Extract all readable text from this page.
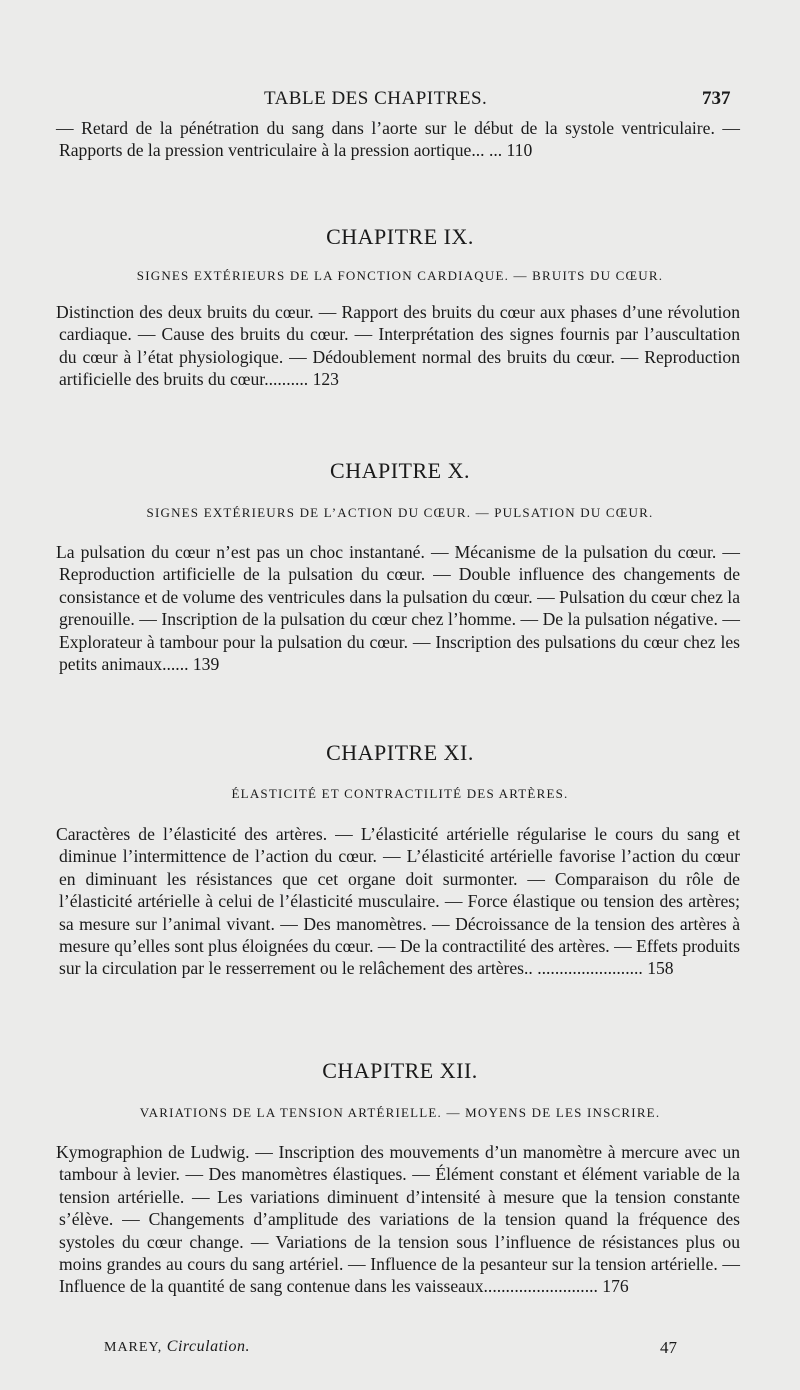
TABLE DES CHAPITRES.	737

— Retard de la pénétration du sang dans l’aorte sur le début de la systole ventriculaire. — Rapports de la pression ventriculaire à la pression aortique... ... 110

CHAPITRE IX.
SIGNES EXTÉRIEURS DE LA FONCTION CARDIAQUE. — BRUITS DU CŒUR.

Distinction des deux bruits du cœur. — Rapport des bruits du cœur aux phases d’une révolution cardiaque. — Cause des bruits du cœur. — Interprétation des signes fournis par l’auscultation du cœur à l’état physiologique. — Dédoublement normal des bruits du cœur. — Reproduction artificielle des bruits du cœur.......... 123

CHAPITRE X.
SIGNES EXTÉRIEURS DE L’ACTION DU CŒUR. — PULSATION DU CŒUR.

La pulsation du cœur n’est pas un choc instantané. — Mécanisme de la pulsation du cœur. — Reproduction artificielle de la pulsation du cœur. — Double influence des changements de consistance et de volume des ventricules dans la pulsation du cœur. — Pulsation du cœur chez la grenouille. — Inscription de la pulsation du cœur chez l’homme. — De la pulsation négative. — Explorateur à tambour pour la pulsation du cœur. — Inscription des pulsations du cœur chez les petits animaux...... 139

CHAPITRE XI.
ÉLASTICITÉ ET CONTRACTILITÉ DES ARTÈRES.

Caractères de l’élasticité des artères. — L’élasticité artérielle régularise le cours du sang et diminue l’intermittence de l’action du cœur. — L’élasticité artérielle favorise l’action du cœur en diminuant les résistances que cet organe doit surmonter. — Comparaison du rôle de l’élasticité artérielle à celui de l’élasticité musculaire. — Force élastique ou tension des artères; sa mesure sur l’animal vivant. — Des manomètres. — Décroissance de la tension des artères à mesure qu’elles sont plus éloignées du cœur. — De la contractilité des artères. — Effets produits sur la circulation par le resserrement ou le relâchement des artères.. ........................ 158

CHAPITRE XII.
VARIATIONS DE LA TENSION ARTÉRIELLE. — MOYENS DE LES INSCRIRE.

Kymographion de Ludwig. — Inscription des mouvements d’un manomètre à mercure avec un tambour à levier. — Des manomètres élastiques. — Élément constant et élément variable de la tension artérielle. — Les variations diminuent d’intensité à mesure que la tension constante s’élève. — Changements d’amplitude des variations de la tension quand la fréquence des systoles du cœur change. — Variations de la tension sous l’influence de résistances plus ou moins grandes au cours du sang artériel. — Influence de la pesanteur sur la tension artérielle. — Influence de la quantité de sang contenue dans les vaisseaux.......................... 176

MAREY, Circulation.	47
